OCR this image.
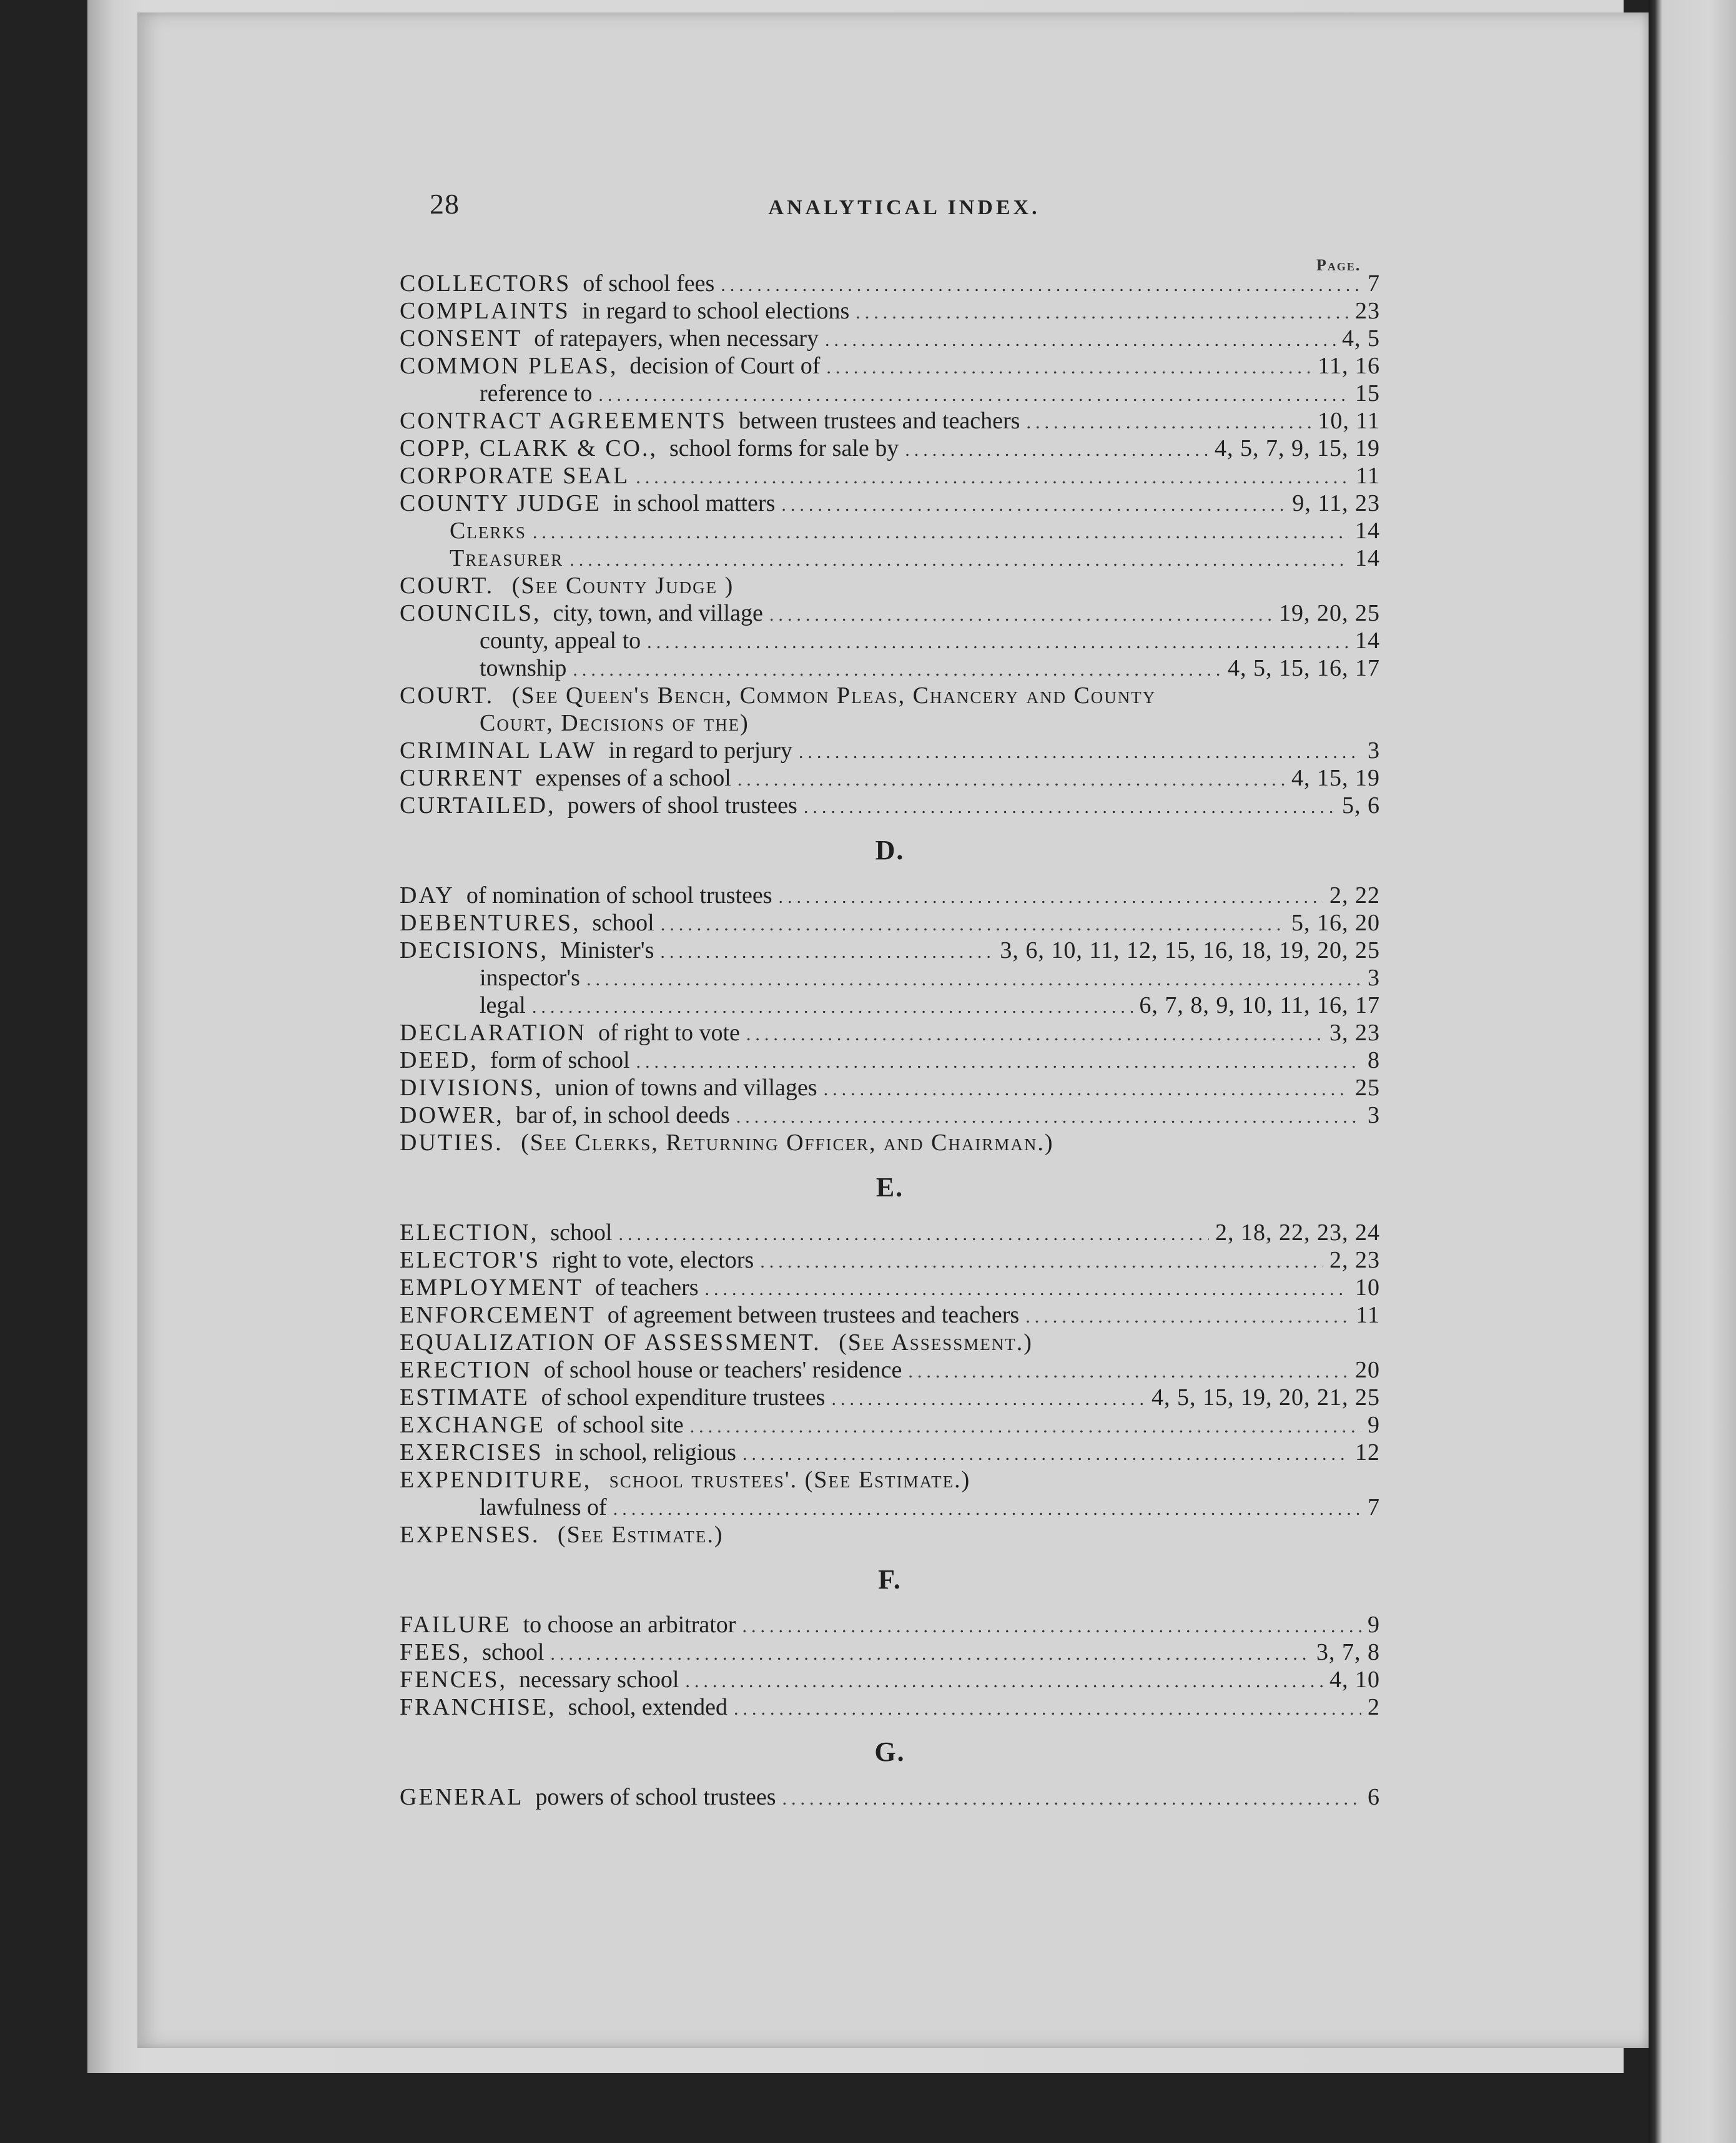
28	ANALYTICAL INDEX.
Page.
COLLECTORS
of school fees .....	7
COMPLAINTS
in regard to school elections .....	23
CONSENT
of ratepayers, when necessary .....	4, 5
COMMON PLEAS,
decision of Court of .....	11, 16
reference to .....	15
CONTRACT AGREEMENTS
between trustees and teachers .....	10, 11
COPP, CLARK & CO.,
school forms for sale by .....	4, 5, 7, 9, 15, 19
CORPORATE SEAL .....	11
COUNTY JUDGE
in school matters .....	9, 11, 23
Clerks .....	14
Treasurer .....	14
COURT.
(See County Judge )
COUNCILS,
city, town, and village .....	19, 20, 25
county, appeal to .....	14
township .....	4, 5, 15, 16, 17
COURT.
(See Queen's Bench, Common Pleas, Chancery and County
Court, Decisions of the)
CRIMINAL LAW
in regard to perjury .....	3
CURRENT
expenses of a school .....	4, 15, 19
CURTAILED,
powers of shool trustees .....	5, 6
D.
DAY
of nomination of school trustees .....	2, 22
DEBENTURES,
school .....	5, 16, 20
DECISIONS,
Minister's .....	3, 6, 10, 11, 12, 15, 16, 18, 19, 20, 25
inspector's .....	3
legal .....	6, 7, 8, 9, 10, 11, 16, 17
DECLARATION
of right to vote .....	3, 23
DEED,
form of school .....	8
DIVISIONS,
union of towns and villages .....	25
DOWER,
bar of, in school deeds .....	3
DUTIES.
(See Clerks, Returning Officer, and Chairman.)
E.
ELECTION,
school .....	2, 18, 22, 23, 24
ELECTOR'S
right to vote, electors .....	2, 23
EMPLOYMENT
of teachers .....	10
ENFORCEMENT
of agreement between trustees and teachers .....	11
EQUALIZATION OF ASSESSMENT.
(See Assessment.)
ERECTION
of school house or teachers' residence .....	20
ESTIMATE
of school expenditure trustees .....	4, 5, 15, 19, 20, 21, 25
EXCHANGE
of school site .....	9
EXERCISES
in school, religious .....	12
EXPENDITURE,
school trustees'. (See Estimate.)
lawfulness of .....	7
EXPENSES.
(See Estimate.)
F.
FAILURE
to choose an arbitrator .....	9
FEES,
school .....	3, 7, 8
FENCES,
necessary school .....	4, 10
FRANCHISE,
school, extended .....	2
G.
GENERAL
powers of school trustees .....	6
